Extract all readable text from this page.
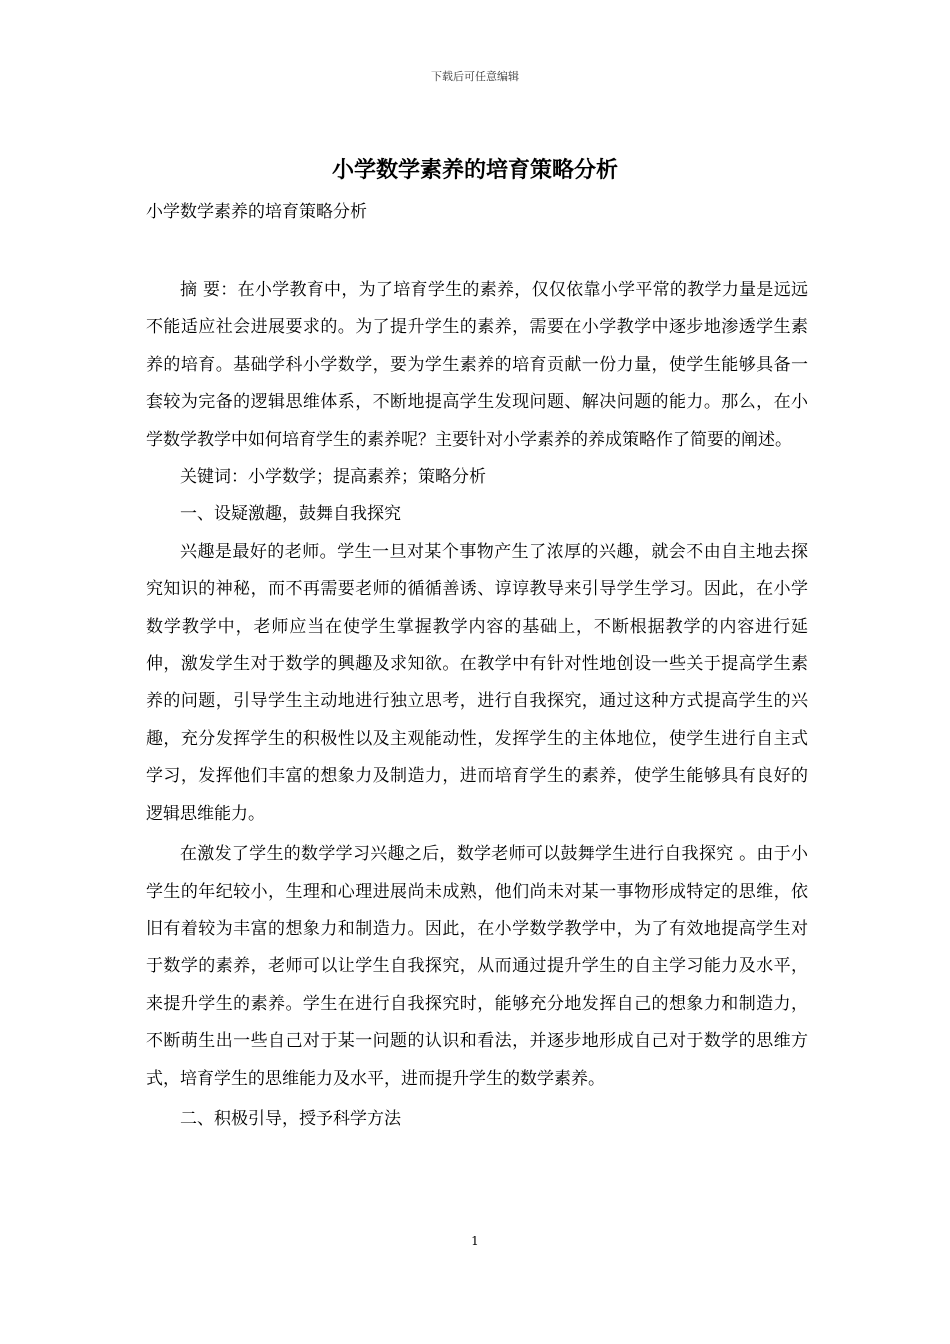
下载后可任意编辑
小学数学素养的培育策略分析
小学数学素养的培育策略分析

摘 要：在小学教育中，为了培育学生的素养，仅仅依靠小学平常的教学力量是远远不能适应社会进展要求的。为了提升学生的素养，需要在小学教学中逐步地渗透学生素养的培育。基础学科小学数学，要为学生素养的培育贡献一份力量，使学生能够具备一套较为完备的逻辑思维体系，不断地提高学生发现问题、解决问题的能力。那么，在小学数学教学中如何培育学生的素养呢？主要针对小学素养的养成策略作了简要的阐述。

关键词：小学数学；提高素养；策略分析

一、设疑激趣，鼓舞自我探究

兴趣是最好的老师。学生一旦对某个事物产生了浓厚的兴趣，就会不由自主地去探究知识的神秘，而不再需要老师的循循善诱、谆谆教导来引导学生学习。因此，在小学数学教学中，老师应当在使学生掌握教学内容的基础上，不断根据教学的内容进行延伸，激发学生对于数学的興趣及求知欲。在教学中有针对性地创设一些关于提高学生素养的问题，引导学生主动地进行独立思考，进行自我探究，通过这种方式提高学生的兴趣，充分发挥学生的积极性以及主观能动性，发挥学生的主体地位，使学生进行自主式学习，发挥他们丰富的想象力及制造力，进而培育学生的素养，使学生能够具有良好的逻辑思维能力。

在激发了学生的数学学习兴趣之后，数学老师可以鼓舞学生进行自我探究 。由于小学生的年纪较小，生理和心理进展尚未成熟，他们尚未对某一事物形成特定的思维，依旧有着较为丰富的想象力和制造力。因此，在小学数学教学中，为了有效地提高学生对于数学的素养，老师可以让学生自我探究，从而通过提升学生的自主学习能力及水平，来提升学生的素养。学生在进行自我探究时，能够充分地发挥自己的想象力和制造力，不断萌生出一些自己对于某一问题的认识和看法，并逐步地形成自己对于数学的思维方式，培育学生的思维能力及水平，进而提升学生的数学素养。

二、积极引导，授予科学方法

1
